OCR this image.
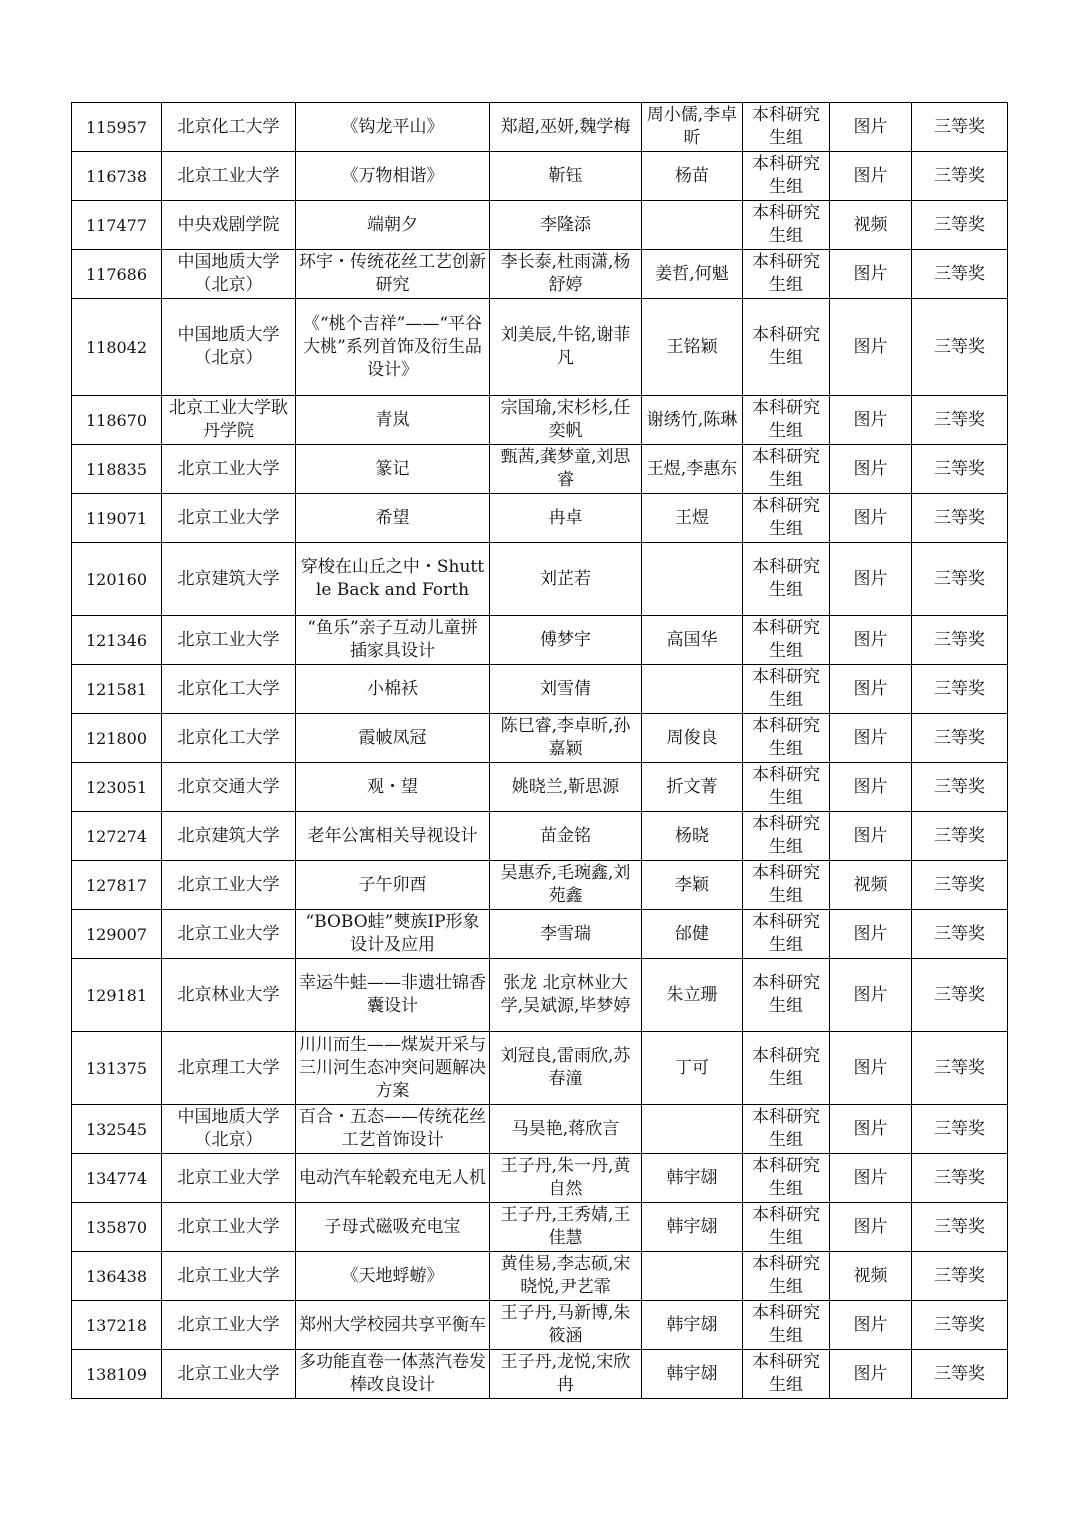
115957	北京化工大学	《钩龙平山》	郑超,巫妍,魏学梅	周小儒,李卓昕	本科研究生组	图片	三等奖
116738	北京工业大学	《万物相谐》	靳钰	杨苗	本科研究生组	图片	三等奖
117477	中央戏剧学院	端朝夕	李隆添		本科研究生组	视频	三等奖
117686	中国地质大学（北京）	环宇・传统花丝工艺创新研究	李长泰,杜雨潇,杨舒婷	姜哲,何魁	本科研究生组	图片	三等奖
118042	中国地质大学（北京）	《“桃个吉祥”——“平谷大桃”系列首饰及衍生品设计》	刘美辰,牛铭,谢菲凡	王铭颖	本科研究生组	图片	三等奖
118670	北京工业大学耿丹学院	青岚	宗国瑜,宋杉杉,任奕帆	谢绣竹,陈琳	本科研究生组	图片	三等奖
118835	北京工业大学	篆记	甄茜,龚梦童,刘思睿	王煜,李惠东	本科研究生组	图片	三等奖
119071	北京工业大学	希望	冉卓	王煜	本科研究生组	图片	三等奖
120160	北京建筑大学	穿梭在山丘之中・Shuttle Back and Forth	刘芷若		本科研究生组	图片	三等奖
121346	北京工业大学	“鱼乐”亲子互动儿童拼插家具设计	傅梦宇	高国华	本科研究生组	图片	三等奖
121581	北京化工大学	小棉袄	刘雪倩		本科研究生组	图片	三等奖
121800	北京化工大学	霞帔凤冠	陈巳睿,李卓昕,孙嘉颖	周俊良	本科研究生组	图片	三等奖
123051	北京交通大学	观・望	姚晓兰,靳思源	折文菁	本科研究生组	图片	三等奖
127274	北京建筑大学	老年公寓相关导视设计	苗金铭	杨晓	本科研究生组	图片	三等奖
127817	北京工业大学	子午卯酉	吴惠乔,毛琬鑫,刘苑鑫	李颖	本科研究生组	视频	三等奖
129007	北京工业大学	“BOBO蛙”僰族IP形象设计及应用	李雪瑞	邰健	本科研究生组	图片	三等奖
129181	北京林业大学	幸运牛蛙——非遗壮锦香囊设计	张龙 北京林业大学,吴斌源,毕梦婷	朱立珊	本科研究生组	图片	三等奖
131375	北京理工大学	川川而生——煤炭开采与三川河生态冲突问题解决方案	刘冠良,雷雨欣,苏春潼	丁可	本科研究生组	图片	三等奖
132545	中国地质大学（北京）	百合・五态——传统花丝工艺首饰设计	马昊艳,蒋欣言		本科研究生组	图片	三等奖
134774	北京工业大学	电动汽车轮毂充电无人机	王子丹,朱一丹,黄自然	韩宇翃	本科研究生组	图片	三等奖
135870	北京工业大学	子母式磁吸充电宝	王子丹,王秀婧,王佳慧	韩宇翃	本科研究生组	图片	三等奖
136438	北京工业大学	《天地蜉蝣》	黄佳易,李志硕,宋晓悦,尹艺霏		本科研究生组	视频	三等奖
137218	北京工业大学	郑州大学校园共享平衡车	王子丹,马新博,朱筱涵	韩宇翃	本科研究生组	图片	三等奖
138109	北京工业大学	多功能直卷一体蒸汽卷发棒改良设计	王子丹,龙悦,宋欣冉	韩宇翃	本科研究生组	图片	三等奖
